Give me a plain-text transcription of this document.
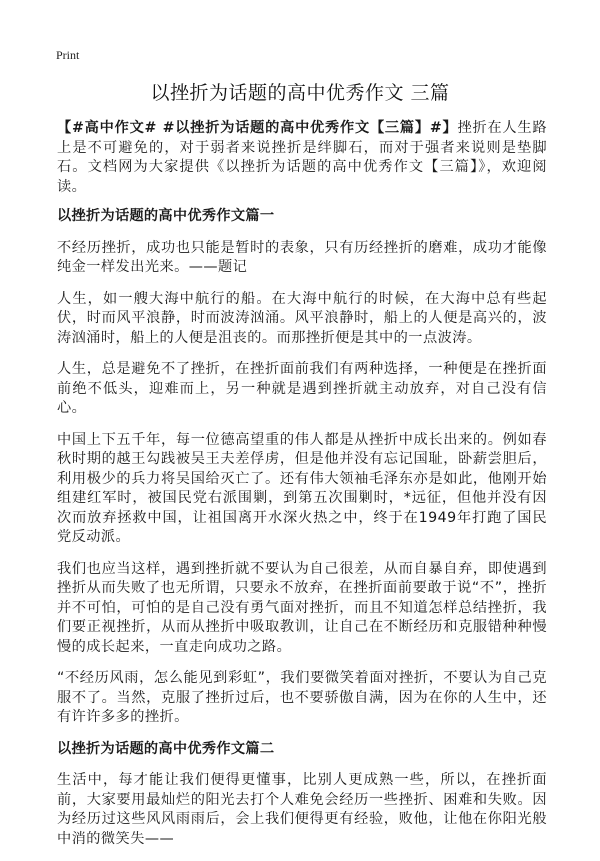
Print
以挫折为话题的高中优秀作文 三篇

【#高中作文# #以挫折为话题的高中优秀作文【三篇】#】挫折在人生路上是不可避免的，对于弱者来说挫折是绊脚石，而对于强者来说则是垫脚石。文档网为大家提供《以挫折为话题的高中优秀作文【三篇】》，欢迎阅读。

以挫折为话题的高中优秀作文篇一

不经历挫折，成功也只能是暂时的表象，只有历经挫折的磨难，成功才能像纯金一样发出光来。——题记

人生，如一艘大海中航行的船。在大海中航行的时候，在大海中总有些起伏，时而风平浪静，时而波涛汹涌。风平浪静时，船上的人便是高兴的，波涛汹涌时，船上的人便是沮丧的。而那挫折便是其中的一点波涛。

人生，总是避免不了挫折，在挫折面前我们有两种选择，一种便是在挫折面前绝不低头，迎难而上，另一种就是遇到挫折就主动放弃，对自己没有信心。

中国上下五千年，每一位德高望重的伟人都是从挫折中成长出来的。例如春秋时期的越王勾践被吴王夫差俘虏，但是他并没有忘记国耻，卧薪尝胆后，利用极少的兵力将吴国给灭亡了。还有伟大领袖毛泽东亦是如此，他刚开始组建红军时，被国民党右派围剿，到第五次围剿时，*远征，但他并没有因次而放弃拯救中国，让祖国离开水深火热之中，终于在1949年打跑了国民党反动派。

我们也应当这样，遇到挫折就不要认为自己很差，从而自暴自弃，即使遇到挫折从而失败了也无所谓，只要永不放弃，在挫折面前要敢于说“不”，挫折并不可怕，可怕的是自己没有勇气面对挫折，而且不知道怎样总结挫折，我们要正视挫折，从而从挫折中吸取教训，让自己在不断经历和克服错种种慢慢的成长起来，一直走向成功之路。

“不经历风雨，怎么能见到彩虹”，我们要微笑着面对挫折，不要认为自己克服不了。当然，克服了挫折过后，也不要骄傲自满，因为在你的人生中，还有许许多多的挫折。

以挫折为话题的高中优秀作文篇二

生活中，每才能让我们便得更懂事，比别人更成熟一些，所以，在挫折面前，大家要用最灿烂的阳光去打个人难免会经历一些挫折、困难和失败。因为经历过这些风风雨雨后，会上我们便得更有经验，败他，让他在你阳光般中消的微笑失——
